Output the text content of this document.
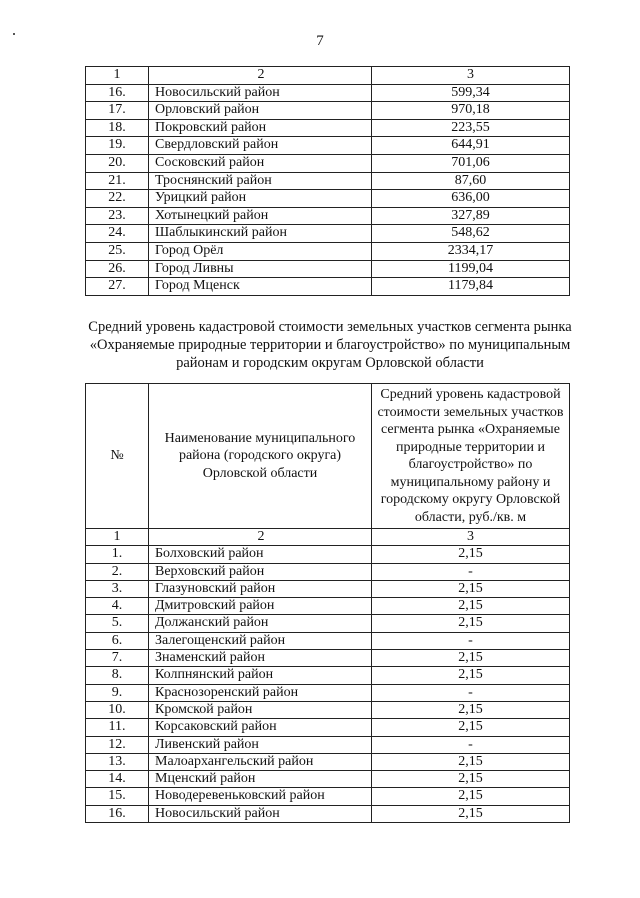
7
1	2	3
16.	Новосильский район	599,34
17.	Орловский район	970,18
18.	Покровский район	223,55
19.	Свердловский район	644,91
20.	Сосковский район	701,06
21.	Троснянский район	87,60
22.	Урицкий район	636,00
23.	Хотынецкий район	327,89
24.	Шаблыкинский район	548,62
25.	Город Орёл	2334,17
26.	Город Ливны	1199,04
27.	Город Мценск	1179,84
Средний уровень кадастровой стоимости земельных участков сегмента рынка «Охраняемые природные территории и благоустройство» по муниципальным районам и городским округам Орловской области
№	Наименование муниципального района (городского округа) Орловской области	Средний уровень кадастровой стоимости земельных участков сегмента рынка «Охраняемые природные территории и благоустройство» по муниципальному району и городскому округу Орловской области, руб./кв. м
1	2	3
1.	Болховский район	2,15
2.	Верховский район	-
3.	Глазуновский район	2,15
4.	Дмитровский район	2,15
5.	Должанский район	2,15
6.	Залегощенский район	-
7.	Знаменский район	2,15
8.	Колпнянский район	2,15
9.	Краснозоренский район	-
10.	Кромской район	2,15
11.	Корсаковский район	2,15
12.	Ливенский район	-
13.	Малоархангельский район	2,15
14.	Мценский район	2,15
15.	Новодеревеньковский район	2,15
16.	Новосильский район	2,15
